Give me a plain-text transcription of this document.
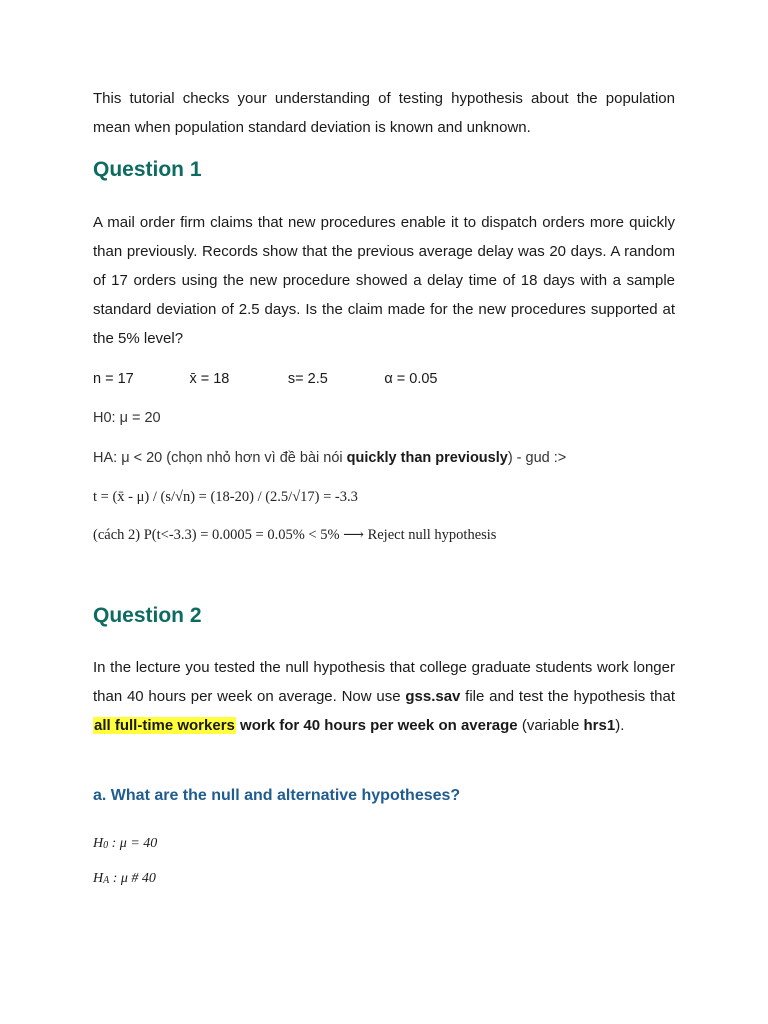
This tutorial checks your understanding of testing hypothesis about the population mean when population standard deviation is known and unknown.

Question 1

A mail order firm claims that new procedures enable it to dispatch orders more quickly than previously. Records show that the previous average delay was 20 days. A random of 17 orders using the new procedure showed a delay time of 18 days with a sample standard deviation of 2.5 days. Is the claim made for the new procedures supported at the 5% level?

n = 17	x̄ = 18	s= 2.5	α = 0.05
H0: μ = 20
HA: μ < 20 (chọn nhỏ hơn vì đề bài nói quickly than previously) - gud :>
t = (x̄ - μ) / (s/√n) = (18-20) / (2.5/√17) = -3.3
(cách 2) P(t<-3.3) = 0.0005 = 0.05% < 5% ⟶ Reject null hypothesis
Question 2

In the lecture you tested the null hypothesis that college graduate students work longer than 40 hours per week on average. Now use gss.sav file and test the hypothesis that all full-time workers work for 40 hours per week on average (variable hrs1).

a. What are the null and alternative hypotheses?
$H_0$ : μ = 40
$H_A$ : μ # 40
